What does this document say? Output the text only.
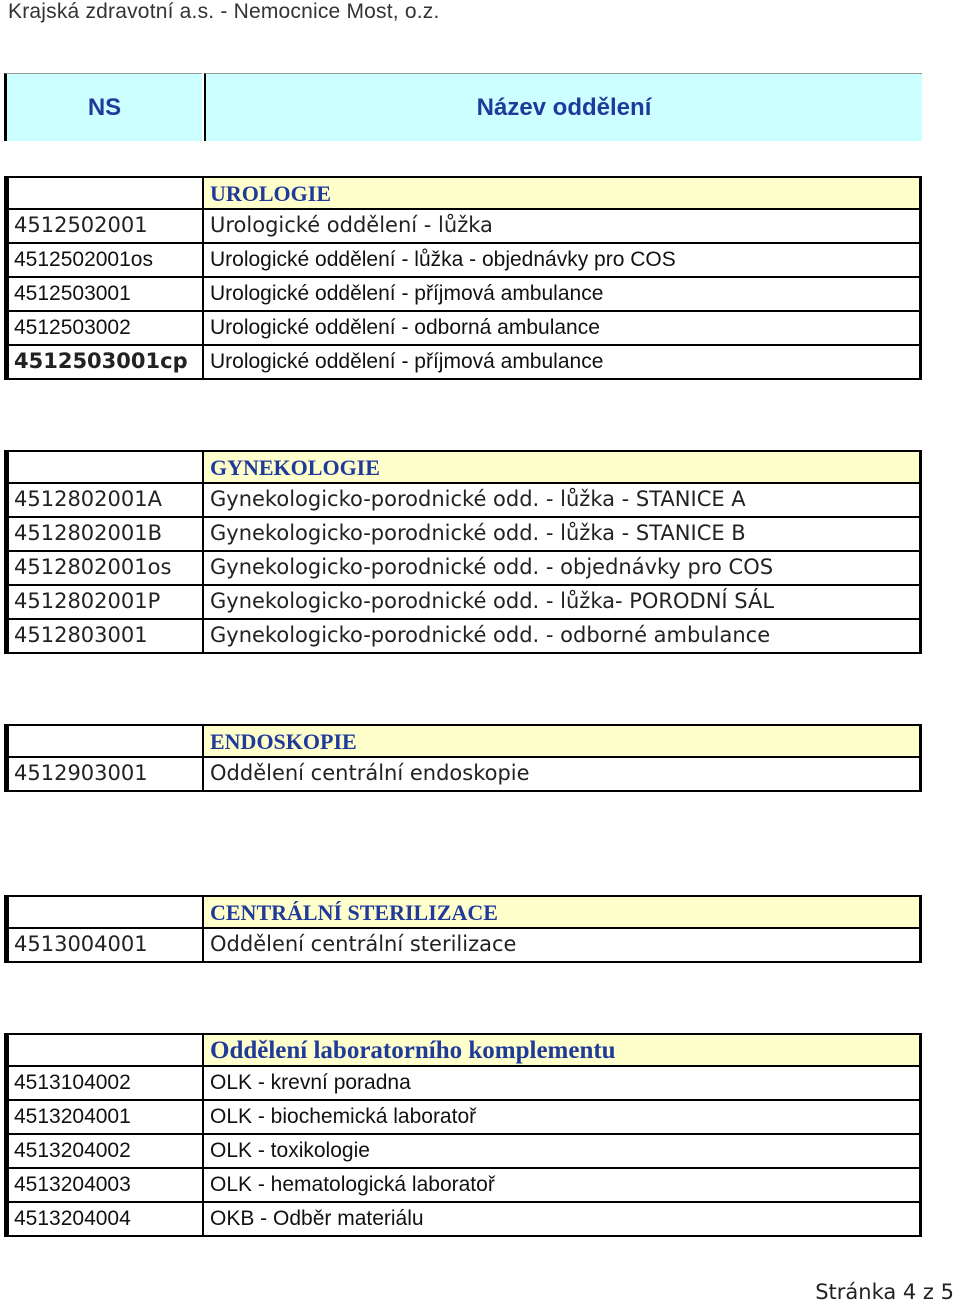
Krajská zdravotní a.s. - Nemocnice Most, o.z.
NS	Název oddělení
UROLOGIE
4512502001	Urologické oddělení - lůžka
4512502001os	Urologické oddělení - lůžka - objednávky pro COS
4512503001	Urologické oddělení - příjmová ambulance
4512503002	Urologické oddělení - odborná ambulance
4512503001cp	Urologické oddělení - příjmová ambulance
GYNEKOLOGIE
4512802001A	Gynekologicko-porodnické odd. - lůžka - STANICE A
4512802001B	Gynekologicko-porodnické odd. - lůžka - STANICE B
4512802001os	Gynekologicko-porodnické odd. - objednávky pro COS
4512802001P	Gynekologicko-porodnické odd. - lůžka- PORODNÍ SÁL
4512803001	Gynekologicko-porodnické odd. - odborné ambulance
ENDOSKOPIE
4512903001	Oddělení centrální endoskopie
CENTRÁLNÍ STERILIZACE
4513004001	Oddělení centrální sterilizace
Oddělení laboratorního komplementu
4513104002	OLK - krevní poradna
4513204001	OLK - biochemická laboratoř
4513204002	OLK - toxikologie
4513204003	OLK - hematologická laboratoř
4513204004	OKB - Odběr materiálu
Stránka 4 z 5
